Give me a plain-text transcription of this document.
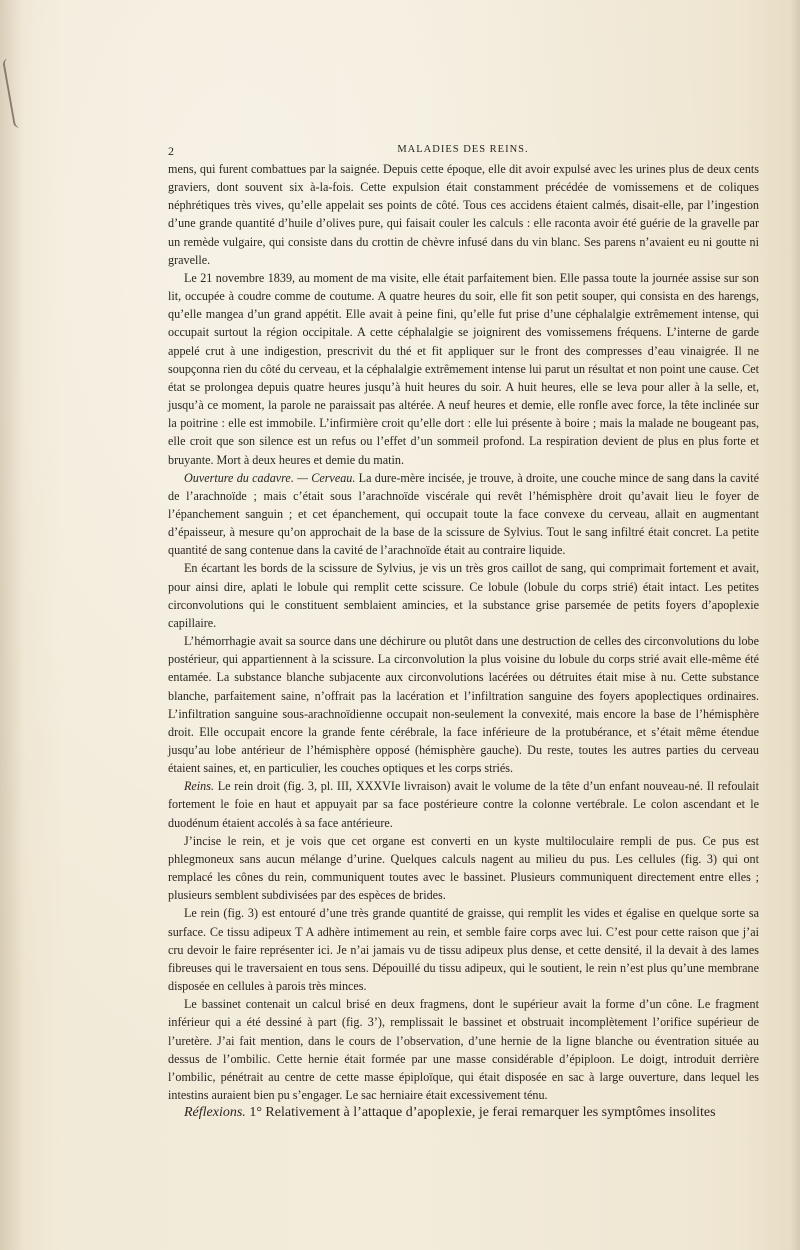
2	MALADIES DES REINS.

mens, qui furent combattues par la saignée. Depuis cette époque, elle dit avoir expulsé avec les urines plus de deux cents graviers, dont souvent six à-la-fois. Cette expulsion était constamment précédée de vomissemens et de coliques néphrétiques très vives, qu’elle appelait ses points de côté. Tous ces accidens étaient calmés, disait-elle, par l’ingestion d’une grande quantité d’huile d’olives pure, qui faisait couler les calculs : elle raconta avoir été guérie de la gravelle par un remède vulgaire, qui consiste dans du crottin de chèvre infusé dans du vin blanc. Ses parens n’avaient eu ni goutte ni gravelle.

Le 21 novembre 1839, au moment de ma visite, elle était parfaitement bien. Elle passa toute la journée assise sur son lit, occupée à coudre comme de coutume. A quatre heures du soir, elle fit son petit souper, qui consista en des harengs, qu’elle mangea d’un grand appétit. Elle avait à peine fini, qu’elle fut prise d’une céphalalgie extrêmement intense, qui occupait surtout la région occipitale. A cette céphalalgie se joignirent des vomissemens fréquens. L’interne de garde appelé crut à une indigestion, prescrivit du thé et fit appliquer sur le front des compresses d’eau vinaigrée. Il ne soupçonna rien du côté du cerveau, et la céphalalgie extrêmement intense lui parut un résultat et non point une cause. Cet état se prolongea depuis quatre heures jusqu’à huit heures du soir. A huit heures, elle se leva pour aller à la selle, et, jusqu’à ce moment, la parole ne paraissait pas altérée. A neuf heures et demie, elle ronfle avec force, la tête inclinée sur la poitrine : elle est immobile. L’infirmière croit qu’elle dort : elle lui présente à boire ; mais la malade ne bougeant pas, elle croit que son silence est un refus ou l’effet d’un sommeil profond. La respiration devient de plus en plus forte et bruyante. Mort à deux heures et demie du matin.

Ouverture du cadavre. — Cerveau. La dure-mère incisée, je trouve, à droite, une couche mince de sang dans la cavité de l’arachnoïde ; mais c’était sous l’arachnoïde viscérale qui revêt l’hémisphère droit qu’avait lieu le foyer de l’épanchement sanguin ; et cet épanchement, qui occupait toute la face convexe du cerveau, allait en augmentant d’épaisseur, à mesure qu’on approchait de la base de la scissure de Sylvius. Tout le sang infiltré était concret. La petite quantité de sang contenue dans la cavité de l’arachnoïde était au contraire liquide.

En écartant les bords de la scissure de Sylvius, je vis un très gros caillot de sang, qui comprimait fortement et avait, pour ainsi dire, aplati le lobule qui remplit cette scissure. Ce lobule (lobule du corps strié) était intact. Les petites circonvolutions qui le constituent semblaient amincies, et la substance grise parsemée de petits foyers d’apoplexie capillaire.

L’hémorrhagie avait sa source dans une déchirure ou plutôt dans une destruction de celles des circonvolutions du lobe postérieur, qui appartiennent à la scissure. La circonvolution la plus voisine du lobule du corps strié avait elle-même été entamée. La substance blanche subjacente aux circonvolutions lacérées ou détruites était mise à nu. Cette substance blanche, parfaitement saine, n’offrait pas la lacération et l’infiltration sanguine des foyers apoplectiques ordinaires. L’infiltration sanguine sous-arachnoïdienne occupait non-seulement la convexité, mais encore la base de l’hémisphère droit. Elle occupait encore la grande fente cérébrale, la face inférieure de la protubérance, et s’était même étendue jusqu’au lobe antérieur de l’hémisphère opposé (hémisphère gauche). Du reste, toutes les autres parties du cerveau étaient saines, et, en particulier, les couches optiques et les corps striés.

Reins. Le rein droit (fig. 3, pl. III, XXXVIe livraison) avait le volume de la tête d’un enfant nouveau-né. Il refoulait fortement le foie en haut et appuyait par sa face postérieure contre la colonne vertébrale. Le colon ascendant et le duodénum étaient accolés à sa face antérieure.

J’incise le rein, et je vois que cet organe est converti en un kyste multiloculaire rempli de pus. Ce pus est phlegmoneux sans aucun mélange d’urine. Quelques calculs nagent au milieu du pus. Les cellules (fig. 3) qui ont remplacé les cônes du rein, communiquent toutes avec le bassinet. Plusieurs communiquent directement entre elles ; plusieurs semblent subdivisées par des espèces de brides.

Le rein (fig. 3) est entouré d’une très grande quantité de graisse, qui remplit les vides et égalise en quelque sorte sa surface. Ce tissu adipeux T A adhère intimement au rein, et semble faire corps avec lui. C’est pour cette raison que j’ai cru devoir le faire représenter ici. Je n’ai jamais vu de tissu adipeux plus dense, et cette densité, il la devait à des lames fibreuses qui le traversaient en tous sens. Dépouillé du tissu adipeux, qui le soutient, le rein n’est plus qu’une membrane disposée en cellules à parois très minces.

Le bassinet contenait un calcul brisé en deux fragmens, dont le supérieur avait la forme d’un cône. Le fragment inférieur qui a été dessiné à part (fig. 3’), remplissait le bassinet et obstruait incomplètement l’orifice supérieur de l’uretère. J’ai fait mention, dans le cours de l’observation, d’une hernie de la ligne blanche ou éventration située au dessus de l’ombilic. Cette hernie était formée par une masse considérable d’épiploon. Le doigt, introduit derrière l’ombilic, pénétrait au centre de cette masse épiploïque, qui était disposée en sac à large ouverture, dans lequel les intestins auraient bien pu s’engager. Le sac herniaire était excessivement ténu.

Réflexions. 1° Relativement à l’attaque d’apoplexie, je ferai remarquer les symptômes insolites
